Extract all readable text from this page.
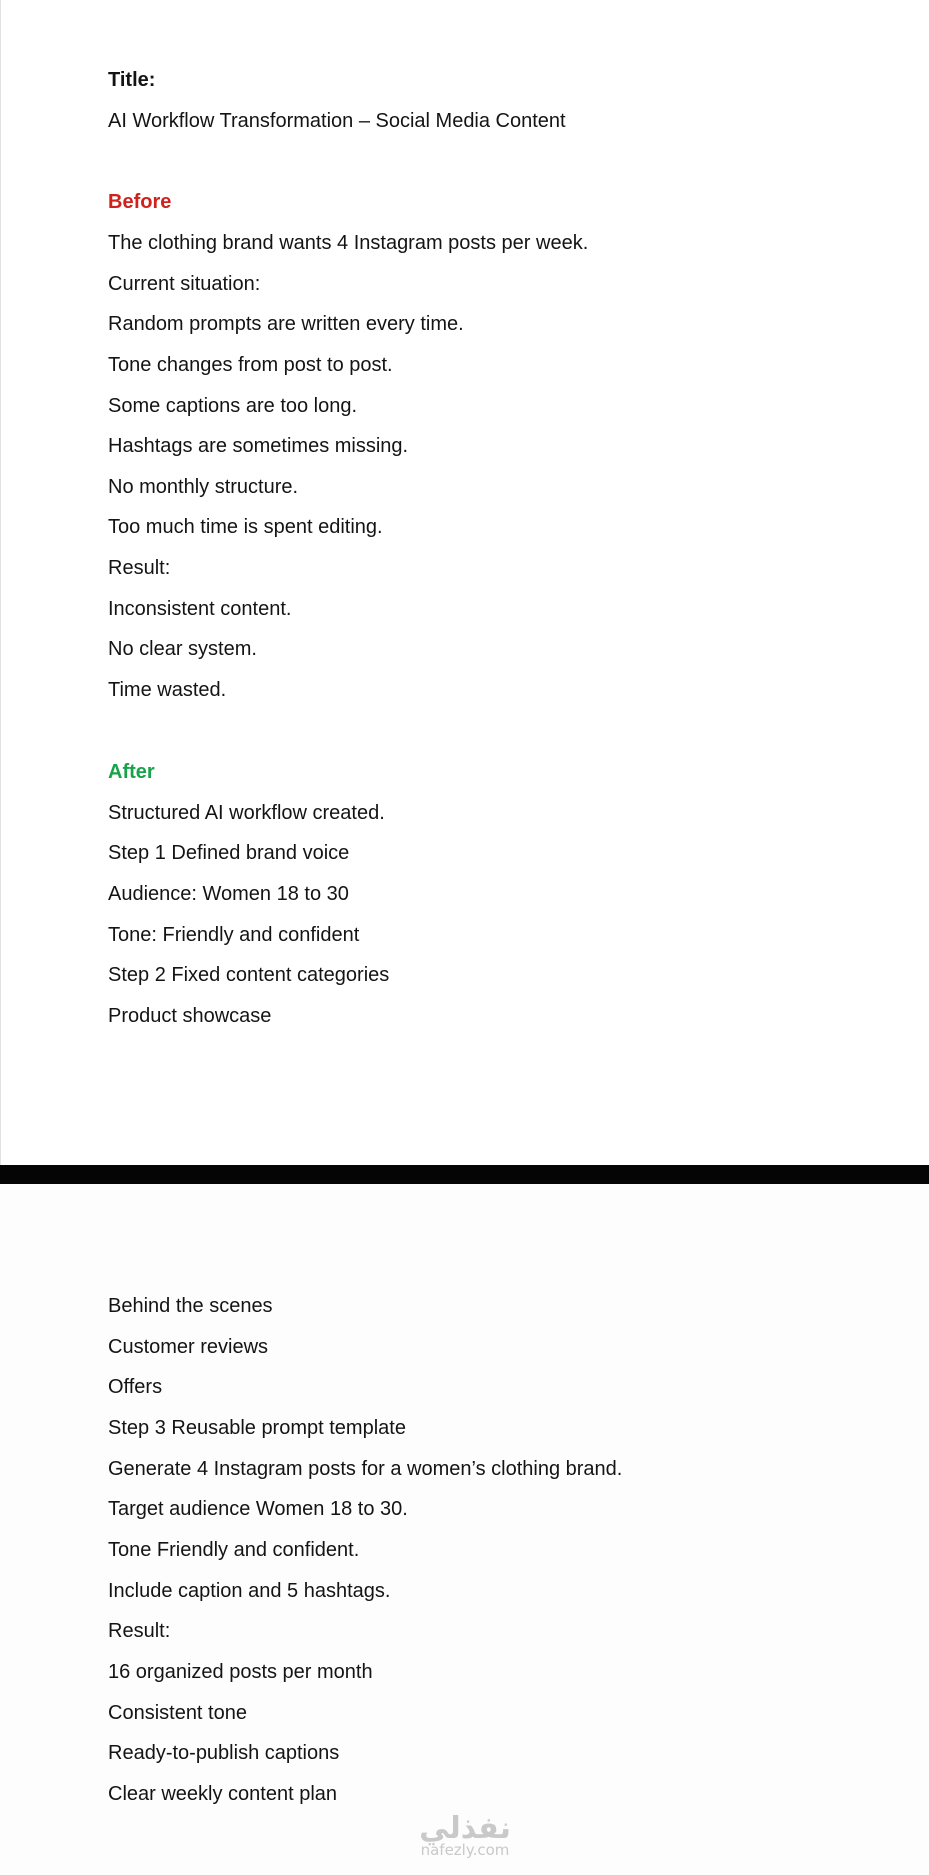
Title:
AI Workflow Transformation – Social Media Content
Before
The clothing brand wants 4 Instagram posts per week.
Current situation:
Random prompts are written every time.
Tone changes from post to post.
Some captions are too long.
Hashtags are sometimes missing.
No monthly structure.
Too much time is spent editing.
Result:
Inconsistent content.
No clear system.
Time wasted.
After
Structured AI workflow created.
Step 1 Defined brand voice
Audience: Women 18 to 30
Tone: Friendly and confident
Step 2 Fixed content categories
Product showcase
Behind the scenes
Customer reviews
Offers
Step 3 Reusable prompt template
Generate 4 Instagram posts for a women’s clothing brand.
Target audience Women 18 to 30.
Tone Friendly and confident.
Include caption and 5 hashtags.
Result:
16 organized posts per month
Consistent tone
Ready-to-publish captions
Clear weekly content plan
نفذلي
nafezly.com
